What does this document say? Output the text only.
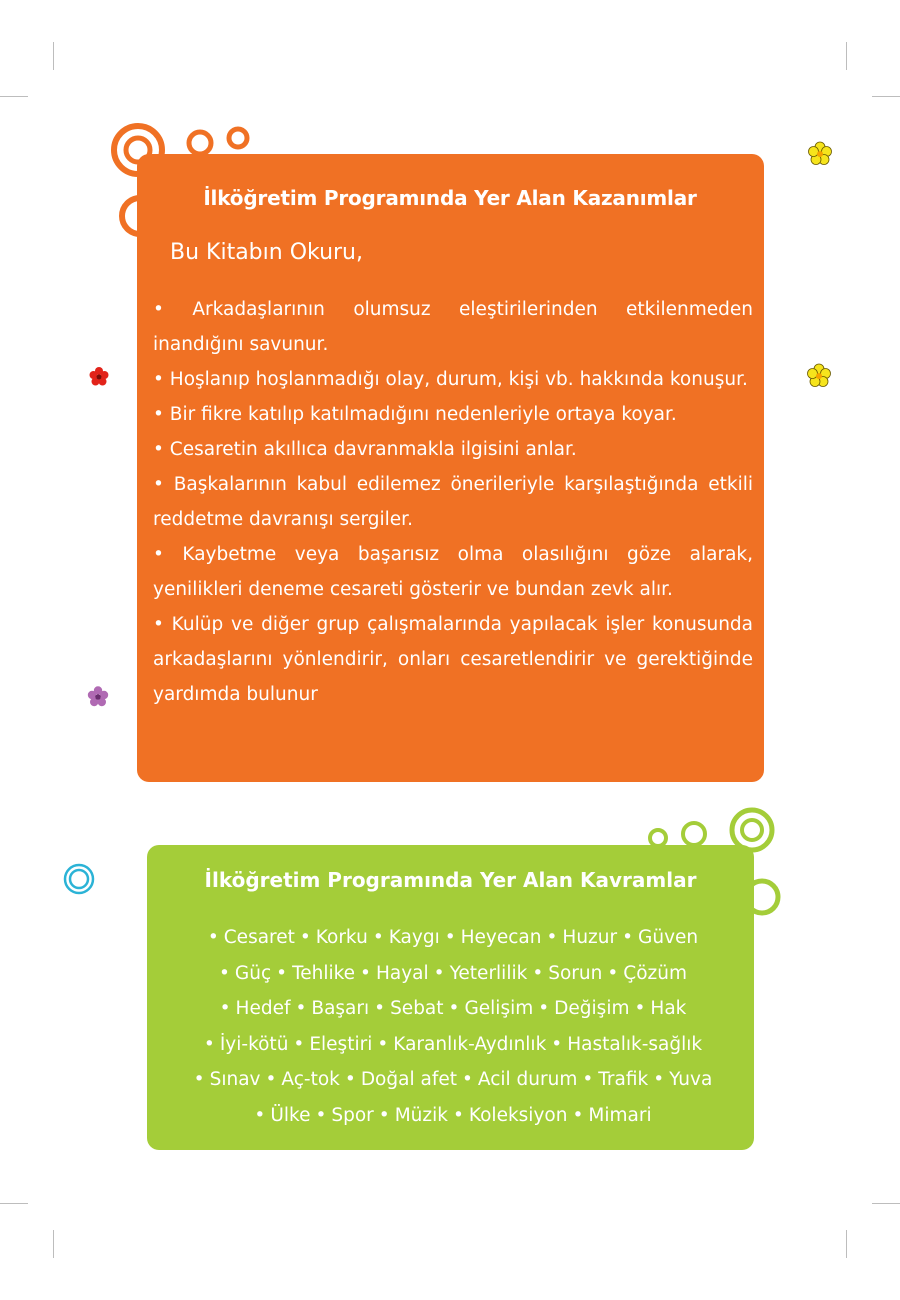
İlköğretim Programında Yer Alan Kazanımlar
Bu Kitabın Okuru,
• Arkadaşlarının olumsuz eleştirilerinden etkilenmeden inandığını savunur.
• Hoşlanıp hoşlanmadığı olay, durum, kişi vb. hakkında konuşur.
• Bir fikre katılıp katılmadığını nedenleriyle ortaya koyar.
• Cesaretin akıllıca davranmakla ilgisini anlar.
• Başkalarının kabul edilemez önerileriyle karşılaştığında etkili reddetme davranışı sergiler.
• Kaybetme veya başarısız olma olasılığını göze alarak, yenilikleri deneme cesareti gösterir ve bundan zevk alır.
• Kulüp ve diğer grup çalışmalarında yapılacak işler konusunda arkadaşlarını yönlendirir, onları cesaretlendirir ve gerektiğinde yardımda bulunur
İlköğretim Programında Yer Alan Kavramlar
• Cesaret • Korku • Kaygı • Heyecan • Huzur • Güven
• Güç • Tehlike • Hayal • Yeterlilik • Sorun • Çözüm
• Hedef • Başarı • Sebat • Gelişim • Değişim • Hak
• İyi-kötü • Eleştiri • Karanlık-Aydınlık • Hastalık-sağlık
• Sınav • Aç-tok • Doğal afet • Acil durum • Trafik • Yuva
• Ülke • Spor • Müzik • Koleksiyon • Mimari
